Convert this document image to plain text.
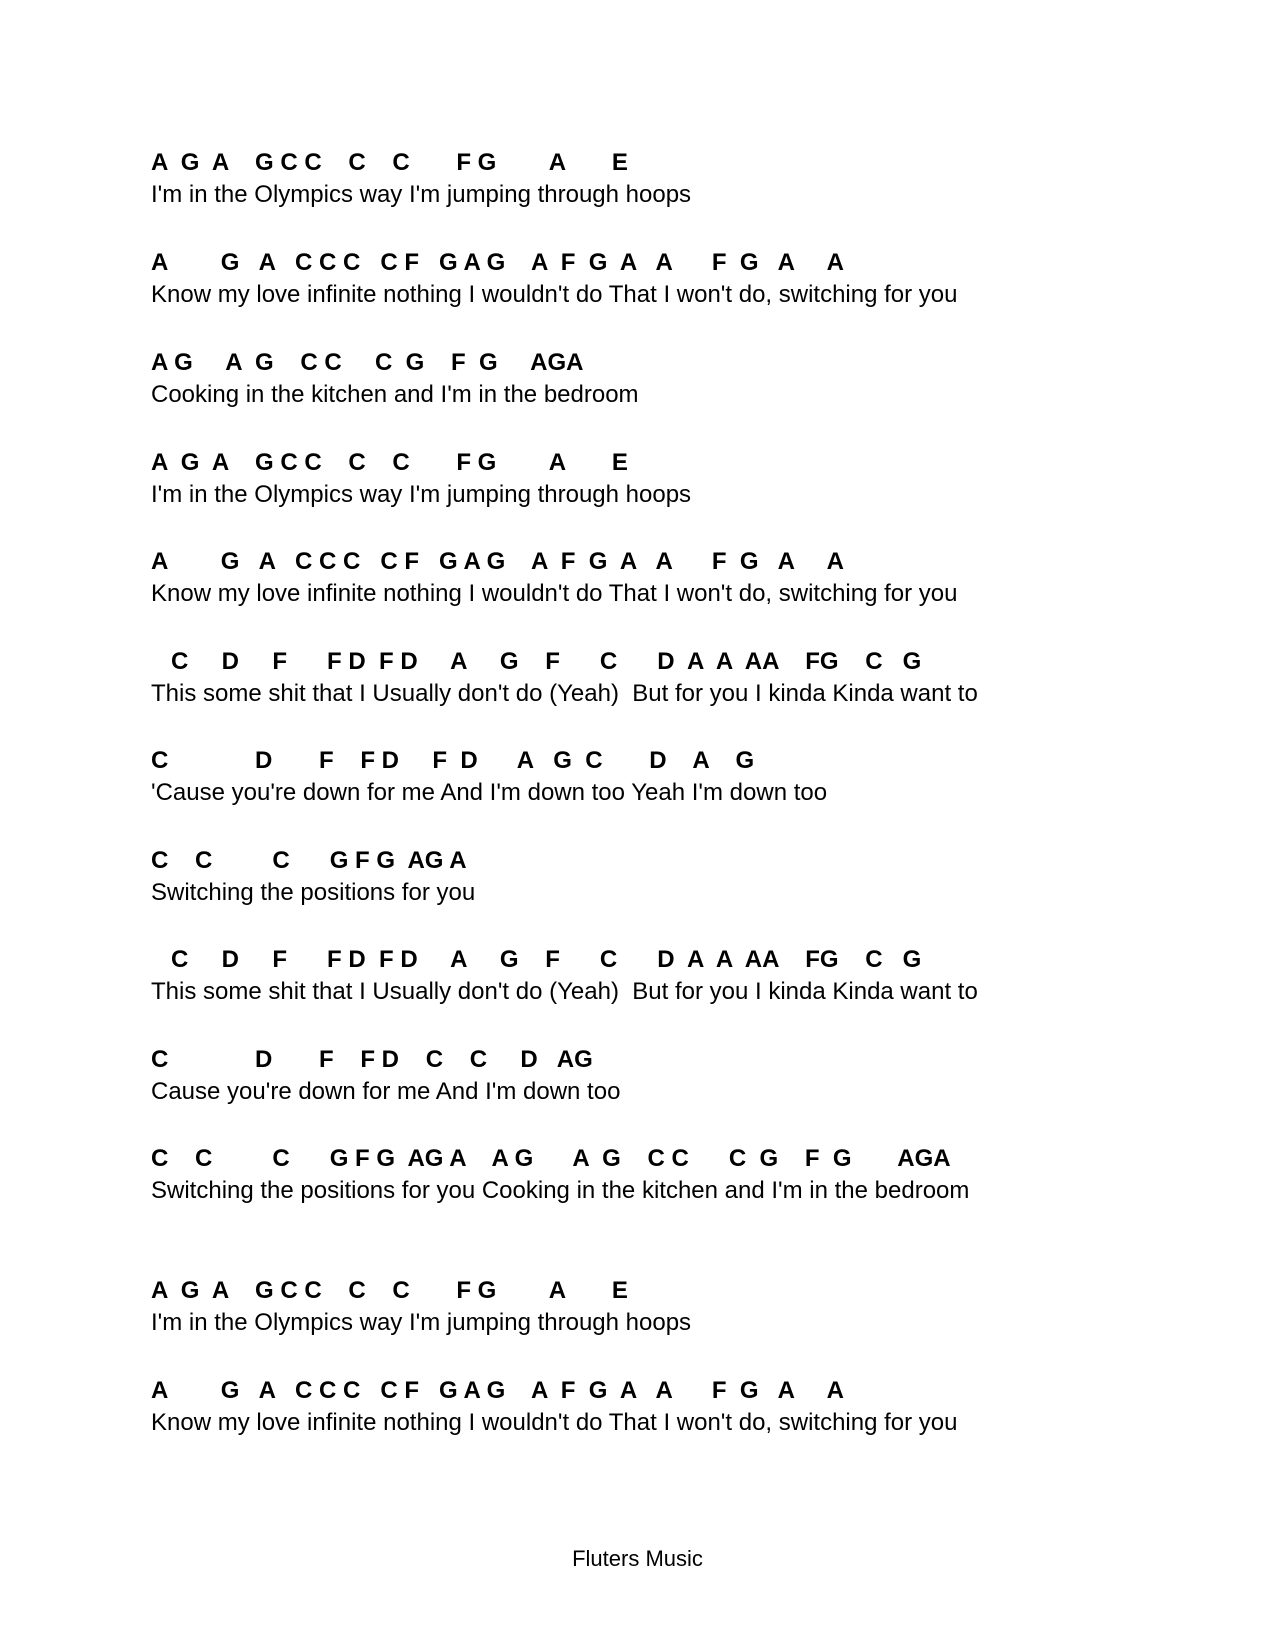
A  G  A    G C C    C    C       F G        A       E

I'm in the Olympics way I'm jumping through hoops

A        G   A   C C C   C F   G A G    A  F  G  A   A      F  G   A     A

Know my love infinite nothing I wouldn't do That I won't do, switching for you

A G     A  G    C C     C  G    F  G     AGA

Cooking in the kitchen and I'm in the bedroom

A  G  A    G C C    C    C       F G        A       E

I'm in the Olympics way I'm jumping through hoops

A        G   A   C C C   C F   G A G    A  F  G  A   A      F  G   A     A

Know my love infinite nothing I wouldn't do That I won't do, switching for you

C     D     F      F D  F D     A     G    F      C      D  A  A  AA    FG    C   G

This some shit that I Usually don't do (Yeah)  But for you I kinda Kinda want to

C             D       F    F D     F  D      A   G  C       D    A    G

'Cause you're down for me And I'm down too Yeah I'm down too

C    C         C      G F G  AG A

Switching the positions for you

C     D     F      F D  F D     A     G    F      C      D  A  A  AA    FG    C   G

This some shit that I Usually don't do (Yeah)  But for you I kinda Kinda want to

C             D       F    F D    C    C     D   AG

Cause you're down for me And I'm down too

C    C         C      G F G  AG A    A G      A  G    C C      C  G    F  G       AGA

Switching the positions for you Cooking in the kitchen and I'm in the bedroom

A  G  A    G C C    C    C       F G        A       E

I'm in the Olympics way I'm jumping through hoops

A        G   A   C C C   C F   G A G    A  F  G  A   A      F  G   A     A

Know my love infinite nothing I wouldn't do That I won't do, switching for you

Fluters Music
